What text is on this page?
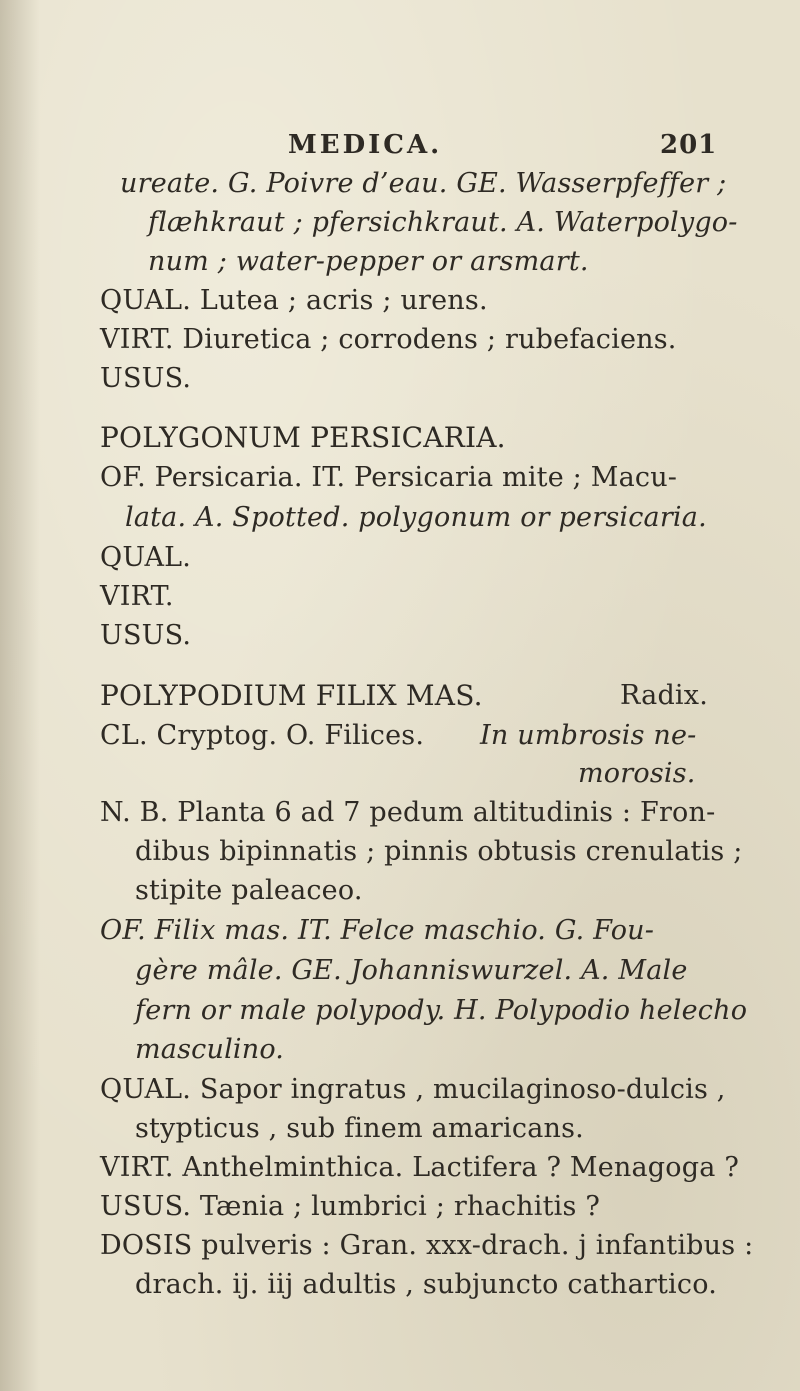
MEDICA.	201
ureate. G. Poivre d’eau. GE. Wasserpfeffer ;
flæhkraut ; pfersichkraut. A. Waterpolygo-
num ; water-pepper or arsmart.
QUAL. Lutea ; acris ; urens.
VIRT. Diuretica ; corrodens ; rubefaciens.
USUS.
POLYGONUM PERSICARIA.
OF. Persicaria. IT. Persicaria mite ; Macu-
lata. A. Spotted. polygonum or persicaria.
QUAL.
VIRT.
USUS.
POLYPODIUM FILIX MAS.	Radix.
CL. Cryptog. O. Filices. In umbrosis ne-
morosis.
N. B. Planta 6 ad 7 pedum altitudinis : Fron-
dibus bipinnatis ; pinnis obtusis crenulatis ;
stipite paleaceo.
OF. Filix mas. IT. Felce maschio. G. Fou-
gère mâle. GE. Johanniswurzel. A. Male
fern or male polypody. H. Polypodio helecho
masculino.
QUAL. Sapor ingratus , mucilaginoso-dulcis ,
stypticus , sub finem amaricans.
VIRT. Anthelminthica. Lactifera ? Menagoga ?
USUS. Tænia ; lumbrici ; rhachitis ?
DOSIS pulveris : Gran. xxx-drach. j infantibus :
drach. ij. iij adultis , subjuncto cathartico.
